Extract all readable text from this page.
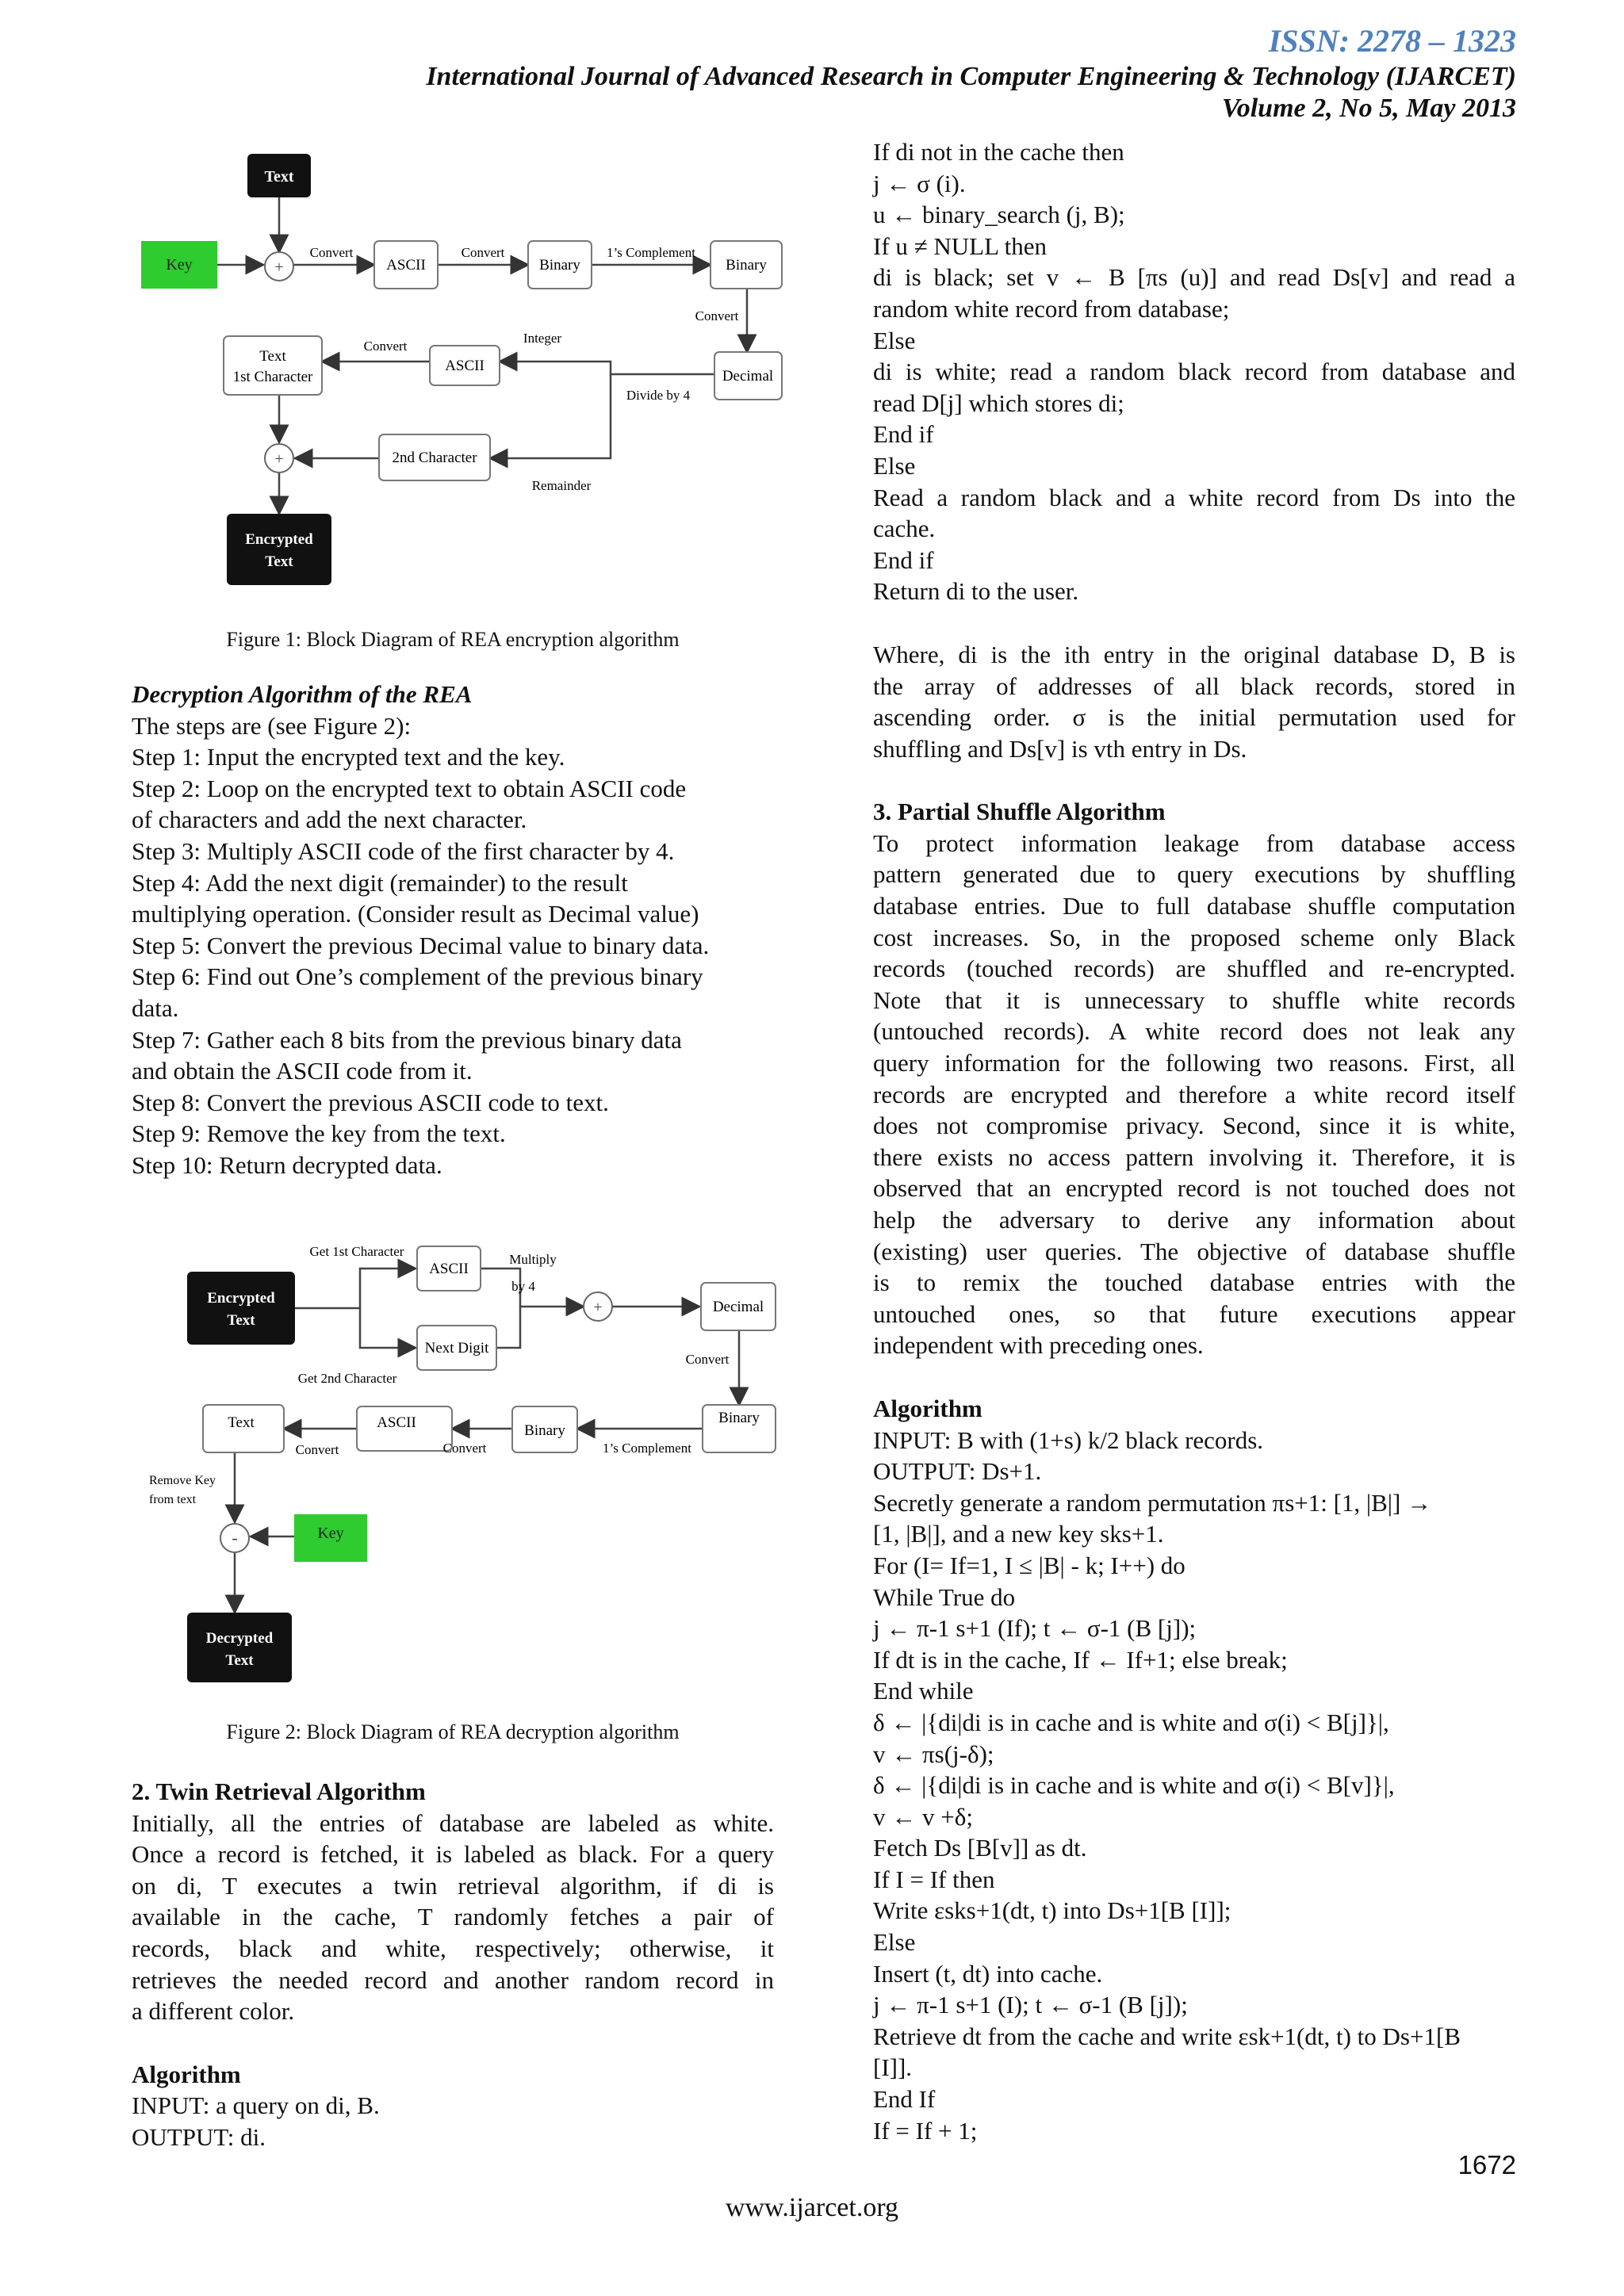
ISSN: 2278 – 1323
International Journal of Advanced Research in Computer Engineering & Technology (IJARCET)
Volume 2, No 5, May 2013
Text
Key	+	ASCII	Binary	Binary
Decimal
ASCII
Text
1st Character
+	2nd Character
Encrypted
Text
Convert	Convert	1’s Complement
Convert
Integer
Convert
Divide by 4
Remainder
Figure 1: Block Diagram of REA encryption algorithm
Decryption Algorithm of the REA
The steps are (see Figure 2):
Step 1: Input the encrypted text and the key.
Step 2: Loop on the encrypted text to obtain ASCII code
of characters and add the next character.
Step 3: Multiply ASCII code of the first character by 4.
Step 4: Add the next digit (remainder) to the result
multiplying operation. (Consider result as Decimal value)
Step 5: Convert the previous Decimal value to binary data.
Step 6: Find out One’s complement of the previous binary
data.
Step 7: Gather each 8 bits from the previous binary data
and obtain the ASCII code from it.
Step 8: Convert the previous ASCII code to text.
Step 9: Remove the key from the text.
Step 10: Return decrypted data.
Encrypted
Text
ASCII
Next Digit
+	Decimal
Binary
Binary
ASCII
Text
-	Key
Decrypted
Text
Get 1st Character
Multiply
by 4
Get 2nd Character
Convert
1’s Complement
Convert
Convert
Remove Key
from text
Figure 2: Block Diagram of REA decryption algorithm
2. Twin Retrieval Algorithm
Initially, all the entries of database are labeled as white.
Once a record is fetched, it is labeled as black. For a query
on di, T executes a twin retrieval algorithm, if di is
available in the cache, T randomly fetches a pair of
records, black and white, respectively; otherwise, it
retrieves the needed record and another random record in
a different color.
Algorithm
INPUT: a query on di, B.
OUTPUT: di.
If di not in the cache then
j ← σ (i).
u ← binary_search (j, B);
If u ≠ NULL then
di is black; set v ← B [πs (u)] and read Ds[v] and read a
random white record from database;
Else
di is white; read a random black record from database and
read D[j] which stores di;
End if
Else
Read a random black and a white record from Ds into the
cache.
End if
Return di to the user.
Where, di is the ith entry in the original database D, B is
the array of addresses of all black records, stored in
ascending order. σ is the initial permutation used for
shuffling and Ds[v] is vth entry in Ds.
3. Partial Shuffle Algorithm
To protect information leakage from database access
pattern generated due to query executions by shuffling
database entries. Due to full database shuffle computation
cost increases. So, in the proposed scheme only Black
records (touched records) are shuffled and re-encrypted.
Note that it is unnecessary to shuffle white records
(untouched records). A white record does not leak any
query information for the following two reasons. First, all
records are encrypted and therefore a white record itself
does not compromise privacy. Second, since it is white,
there exists no access pattern involving it. Therefore, it is
observed that an encrypted record is not touched does not
help the adversary to derive any information about
(existing) user queries. The objective of database shuffle
is to remix the touched database entries with the
untouched ones, so that future executions appear
independent with preceding ones.
Algorithm
INPUT: B with (1+s) k/2 black records.
OUTPUT: Ds+1.
Secretly generate a random permutation πs+1: [1, |B|] →
[1, |B|], and a new key sks+1.
For (I= If=1, I ≤ |B| - k; I++) do
While True do
j ← π-1 s+1 (If); t ← σ-1 (B [j]);
If dt is in the cache, If ← If+1; else break;
End while
δ ← |{di|di is in cache and is white and σ(i) < B[j]}|,
v ← πs(j-δ);
δ ← |{di|di is in cache and is white and σ(i) < B[v]}|,
v ← v +δ;
Fetch Ds [B[v]] as dt.
If I = If then
Write εsks+1(dt, t) into Ds+1[B [I]];
Else
Insert (t, dt) into cache.
j ← π-1 s+1 (I); t ← σ-1 (B [j]);
Retrieve dt from the cache and write εsk+1(dt, t) to Ds+1[B
[I]].
End If
If = If + 1;
1672
www.ijarcet.org
